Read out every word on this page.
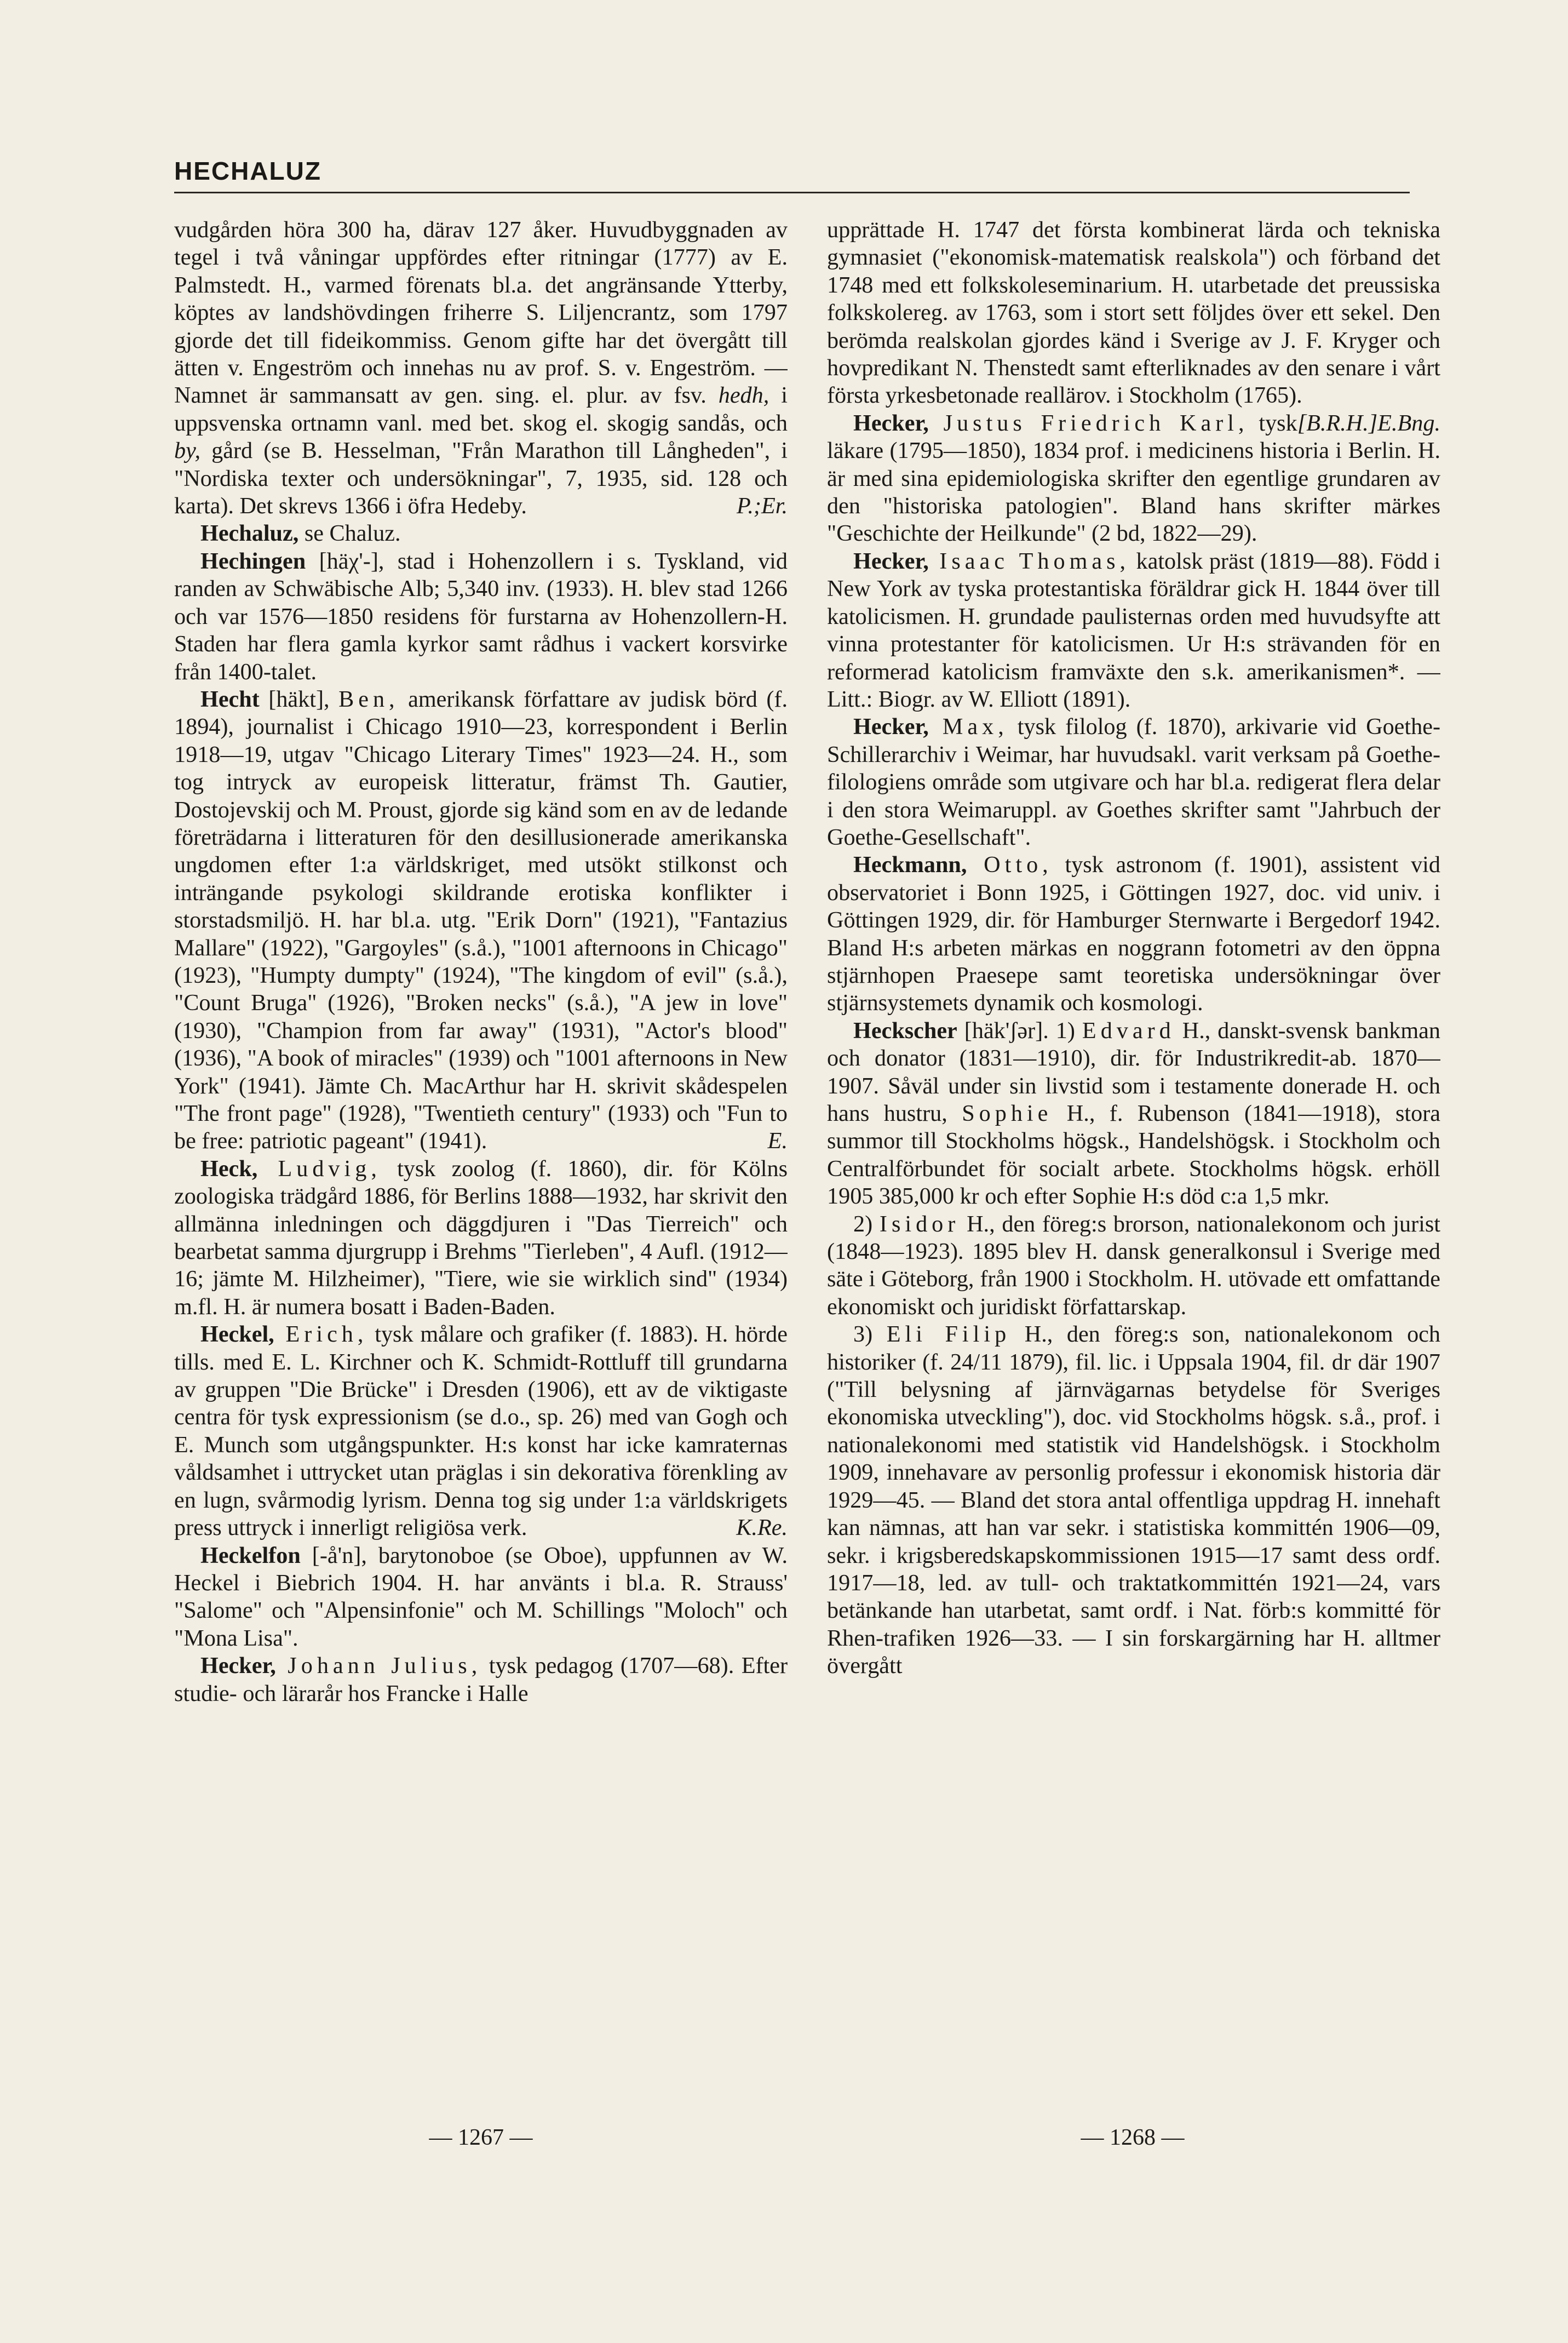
HECHALUZ

vudgården höra 300 ha, därav 127 åker. Huvudbyggnaden av tegel i två våningar uppfördes efter ritningar (1777) av E. Palmstedt. H., varmed förenats bl.a. det angränsande Ytterby, köptes av landshövdingen friherre S. Liljencrantz, som 1797 gjorde det till fideikommiss. Genom gifte har det övergått till ätten v. Engeström och innehas nu av prof. S. v. Engeström. — Namnet är sammansatt av gen. sing. el. plur. av fsv. hedh, i uppsvenska ortnamn vanl. med bet. skog el. skogig sandås, och by, gård (se B. Hesselman, "Från Marathon till Långheden", i "Nordiska texter och undersökningar", 7, 1935, sid. 128 och karta). Det skrevs 1366 i öfra Hedeby.	P.;Er.

Hechaluz, se Chaluz.

Hechingen [häχ'-], stad i Hohenzollern i s. Tyskland, vid randen av Schwäbische Alb; 5,340 inv. (1933). H. blev stad 1266 och var 1576—1850 residens för furstarna av Hohenzollern-H. Staden har flera gamla kyrkor samt rådhus i vackert korsvirke från 1400-talet.

Hecht [häkt], Ben, amerikansk författare av judisk börd (f. 1894), journalist i Chicago 1910—23, korrespondent i Berlin 1918—19, utgav "Chicago Literary Times" 1923—24. H., som tog intryck av europeisk litteratur, främst Th. Gautier, Dostojevskij och M. Proust, gjorde sig känd som en av de ledande företrädarna i litteraturen för den desillusionerade amerikanska ungdomen efter 1:a världskriget, med utsökt stilkonst och inträngande psykologi skildrande erotiska konflikter i storstadsmiljö. H. har bl.a. utg. "Erik Dorn" (1921), "Fantazius Mallare" (1922), "Gargoyles" (s.å.), "1001 afternoons in Chicago" (1923), "Humpty dumpty" (1924), "The kingdom of evil" (s.å.), "Count Bruga" (1926), "Broken necks" (s.å.), "A jew in love" (1930), "Champion from far away" (1931), "Actor's blood" (1936), "A book of miracles" (1939) och "1001 afternoons in New York" (1941). Jämte Ch. MacArthur har H. skrivit skådespelen "The front page" (1928), "Twentieth century" (1933) och "Fun to be free: patriotic pageant" (1941).	E.

Heck, Ludvig, tysk zoolog (f. 1860), dir. för Kölns zoologiska trädgård 1886, för Berlins 1888—1932, har skrivit den allmänna inledningen och däggdjuren i "Das Tierreich" och bearbetat samma djurgrupp i Brehms "Tierleben", 4 Aufl. (1912—16; jämte M. Hilzheimer), "Tiere, wie sie wirklich sind" (1934) m.fl. H. är numera bosatt i Baden-Baden.

Heckel, Erich, tysk målare och grafiker (f. 1883). H. hörde tills. med E. L. Kirchner och K. Schmidt-Rottluff till grundarna av gruppen "Die Brücke" i Dresden (1906), ett av de viktigaste centra för tysk expressionism (se d.o., sp. 26) med van Gogh och E. Munch som utgångspunkter. H:s konst har icke kamraternas våldsamhet i uttrycket utan präglas i sin dekorativa förenkling av en lugn, svårmodig lyrism. Denna tog sig under 1:a världskrigets press uttryck i innerligt religiösa verk.	K.Re.

Heckelfon [-å'n], barytonoboe (se Oboe), uppfunnen av W. Heckel i Biebrich 1904. H. har använts i bl.a. R. Strauss' "Salome" och "Alpensinfonie" och M. Schillings "Moloch" och "Mona Lisa".

Hecker, Johann Julius, tysk pedagog (1707—68). Efter studie- och lärarår hos Francke i Halle

upprättade H. 1747 det första kombinerat lärda och tekniska gymnasiet ("ekonomisk-matematisk realskola") och förband det 1748 med ett folkskoleseminarium. H. utarbetade det preussiska folkskolereg. av 1763, som i stort sett följdes över ett sekel. Den berömda realskolan gjordes känd i Sverige av J. F. Kryger och hovpredikant N. Thenstedt samt efterliknades av den senare i vårt första yrkesbetonade reallärov. i Stockholm (1765).
[B.R.H.]E.Bng.

Hecker, Justus Friedrich Karl, tysk läkare (1795—1850), 1834 prof. i medicinens historia i Berlin. H. är med sina epidemiologiska skrifter den egentlige grundaren av den "historiska patologien". Bland hans skrifter märkes "Geschichte der Heilkunde" (2 bd, 1822—29).

Hecker, Isaac Thomas, katolsk präst (1819—88). Född i New York av tyska protestantiska föräldrar gick H. 1844 över till katolicismen. H. grundade paulisternas orden med huvudsyfte att vinna protestanter för katolicismen. Ur H:s strävanden för en reformerad katolicism framväxte den s.k. amerikanismen*. — Litt.: Biogr. av W. Elliott (1891).

Hecker, Max, tysk filolog (f. 1870), arkivarie vid Goethe-Schillerarchiv i Weimar, har huvudsakl. varit verksam på Goethe-filologiens område som utgivare och har bl.a. redigerat flera delar i den stora Weimaruppl. av Goethes skrifter samt "Jahrbuch der Goethe-Gesellschaft".

Heckmann, Otto, tysk astronom (f. 1901), assistent vid observatoriet i Bonn 1925, i Göttingen 1927, doc. vid univ. i Göttingen 1929, dir. för Hamburger Sternwarte i Bergedorf 1942. Bland H:s arbeten märkas en noggrann fotometri av den öppna stjärnhopen Praesepe samt teoretiska undersökningar över stjärnsystemets dynamik och kosmologi.

Heckscher [häk'ʃər]. 1) Edvard H., danskt-svensk bankman och donator (1831—1910), dir. för Industrikredit-ab. 1870—1907. Såväl under sin livstid som i testamente donerade H. och hans hustru, Sophie H., f. Rubenson (1841—1918), stora summor till Stockholms högsk., Handelshögsk. i Stockholm och Centralförbundet för socialt arbete. Stockholms högsk. erhöll 1905 385,000 kr och efter Sophie H:s död c:a 1,5 mkr.

2) Isidor H., den föreg:s brorson, nationalekonom och jurist (1848—1923). 1895 blev H. dansk generalkonsul i Sverige med säte i Göteborg, från 1900 i Stockholm. H. utövade ett omfattande ekonomiskt och juridiskt författarskap.

3) Eli Filip H., den föreg:s son, nationalekonom och historiker (f. 24/11 1879), fil. lic. i Uppsala 1904, fil. dr där 1907 ("Till belysning af järnvägarnas betydelse för Sveriges ekonomiska utveckling"), doc. vid Stockholms högsk. s.å., prof. i nationalekonomi med statistik vid Handelshögsk. i Stockholm 1909, innehavare av personlig professur i ekonomisk historia där 1929—45. — Bland det stora antal offentliga uppdrag H. innehaft kan nämnas, att han var sekr. i statistiska kommittén 1906—09, sekr. i krigsberedskapskommissionen 1915—17 samt dess ordf. 1917—18, led. av tull- och traktatkommittén 1921—24, vars betänkande han utarbetat, samt ordf. i Nat. förb:s kommitté för Rhen-trafiken 1926—33. — I sin forskargärning har H. alltmer övergått

— 1267 —	— 1268 —
